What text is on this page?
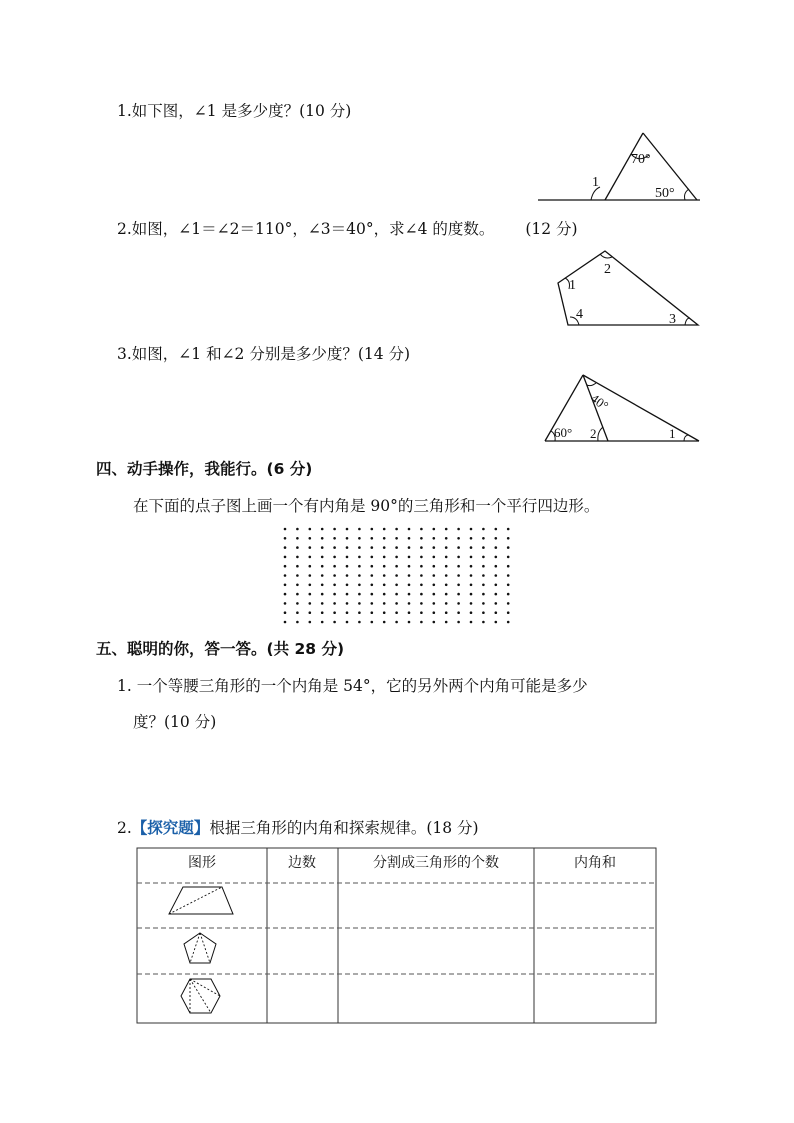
1.如下图，∠1 是多少度？(10 分)
1
70°
50°
2.如图，∠1＝∠2＝110°，∠3＝40°，求∠4 的度数。 (12 分)
1
2
3
4
3.如图，∠1 和∠2 分别是多少度？(14 分)
40°
60° 2	1
四、动手操作，我能行。(6 分)
在下面的点子图上画一个有内角是 90°的三角形和一个平行四边形。
五、聪明的你，答一答。(共 28 分)
1. 一个等腰三角形的一个内角是 54°，它的另外两个内角可能是多少
度？(10 分)
2.【探究题】根据三角形的内角和探索规律。(18 分)
图形	边数	分割成三角形的个数	内角和
